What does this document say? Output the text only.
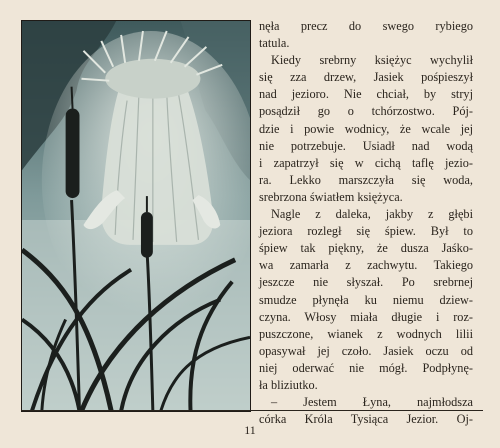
nęła precz do swego rybiego
tatula.
Kiedy srebrny księżyc wychylił
się zza drzew, Jasiek pośpieszył
nad jezioro. Nie chciał, by stryj
posądził go o tchórzostwo. Pój-
dzie i powie wodnicy, że wcale jej
nie potrzebuje. Usiadł nad wodą
i zapatrzył się w cichą taflę jezio-
ra. Lekko marszczyła się woda,
srebrzona światłem księżyca.
Nagle z daleka, jakby z głębi
jeziora rozległ się śpiew. Był to
śpiew tak piękny, że dusza Jaśko-
wa zamarła z zachwytu. Takiego
jeszcze nie słyszał. Po srebrnej
smudze płynęła ku niemu dziew-
czyna. Włosy miała długie i roz-
puszczone, wianek z wodnych lilii
opasywał jej czoło. Jasiek oczu od
niej oderwać nie mógł. Podpłynę-
ła bliziutko.
– Jestem Łyna, najmłodsza
córka Króla Tysiąca Jezior. Oj-
11
